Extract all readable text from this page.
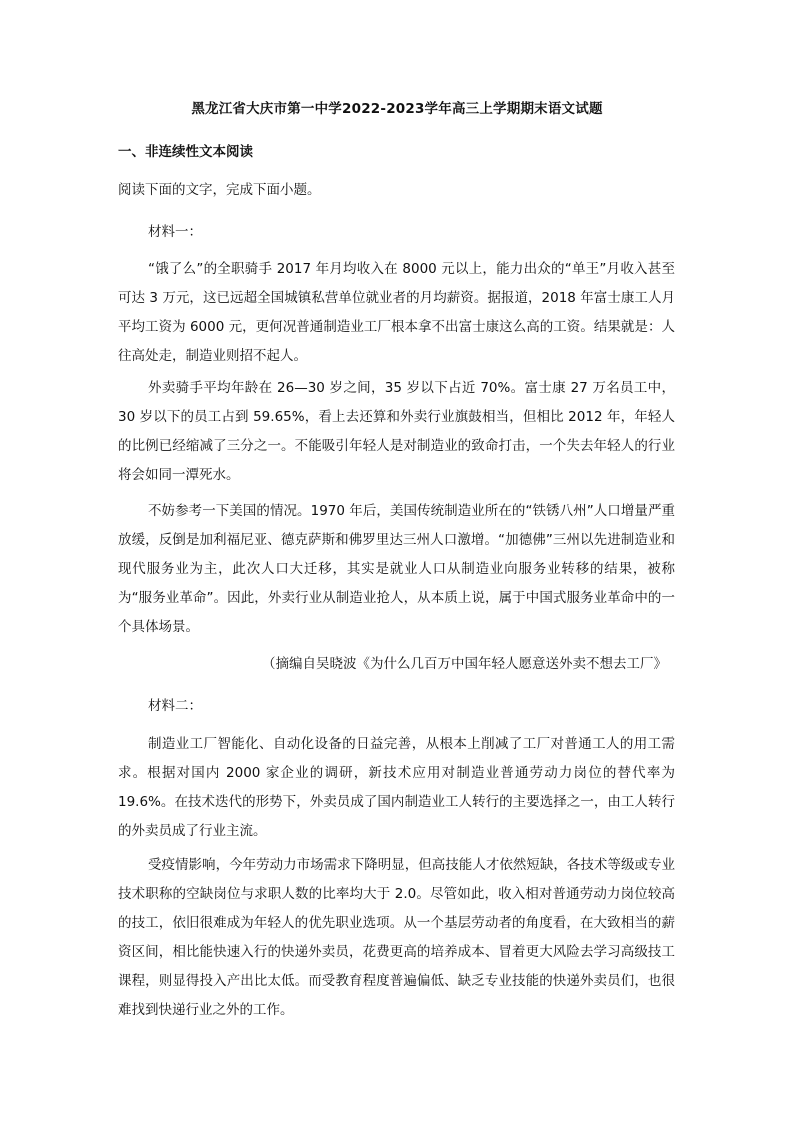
黑龙江省大庆市第一中学2022-2023学年高三上学期期末语文试题
一、非连续性文本阅读
阅读下面的文字，完成下面小题。
材料一：
“饿了么”的全职骑手 2017 年月均收入在 8000 元以上，能力出众的“单王”月收入甚至可达 3 万元，这已远超全国城镇私营单位就业者的月均薪资。据报道，2018 年富士康工人月平均工资为 6000 元，更何况普通制造业工厂根本拿不出富士康这么高的工资。结果就是：人往高处走，制造业则招不起人。
外卖骑手平均年龄在 26—30 岁之间，35 岁以下占近 70%。富士康 27 万名员工中，30 岁以下的员工占到 59.65%，看上去还算和外卖行业旗鼓相当，但相比 2012 年，年轻人的比例已经缩减了三分之一。不能吸引年轻人是对制造业的致命打击，一个失去年轻人的行业将会如同一潭死水。
不妨参考一下美国的情况。1970 年后，美国传统制造业所在的“铁锈八州”人口增量严重放缓，反倒是加利福尼亚、德克萨斯和佛罗里达三州人口激增。“加德佛”三州以先进制造业和现代服务业为主，此次人口大迁移，其实是就业人口从制造业向服务业转移的结果，被称为“服务业革命”。因此，外卖行业从制造业抢人，从本质上说，属于中国式服务业革命中的一个具体场景。
（摘编自吴晓波《为什么几百万中国年轻人愿意送外卖不想去工厂》
材料二：
制造业工厂智能化、自动化设备的日益完善，从根本上削减了工厂对普通工人的用工需求。根据对国内 2000 家企业的调研，新技术应用对制造业普通劳动力岗位的替代率为 19.6%。在技术迭代的形势下，外卖员成了国内制造业工人转行的主要选择之一，由工人转行的外卖员成了行业主流。
受疫情影响，今年劳动力市场需求下降明显，但高技能人才依然短缺，各技术等级或专业技术职称的空缺岗位与求职人数的比率均大于 2.0。尽管如此，收入相对普通劳动力岗位较高的技工，依旧很难成为年轻人的优先职业选项。从一个基层劳动者的角度看，在大致相当的薪资区间，相比能快速入行的快递外卖员，花费更高的培养成本、冒着更大风险去学习高级技工课程，则显得投入产出比太低。而受教育程度普遍偏低、缺乏专业技能的快递外卖员们，也很难找到快递行业之外的工作。
